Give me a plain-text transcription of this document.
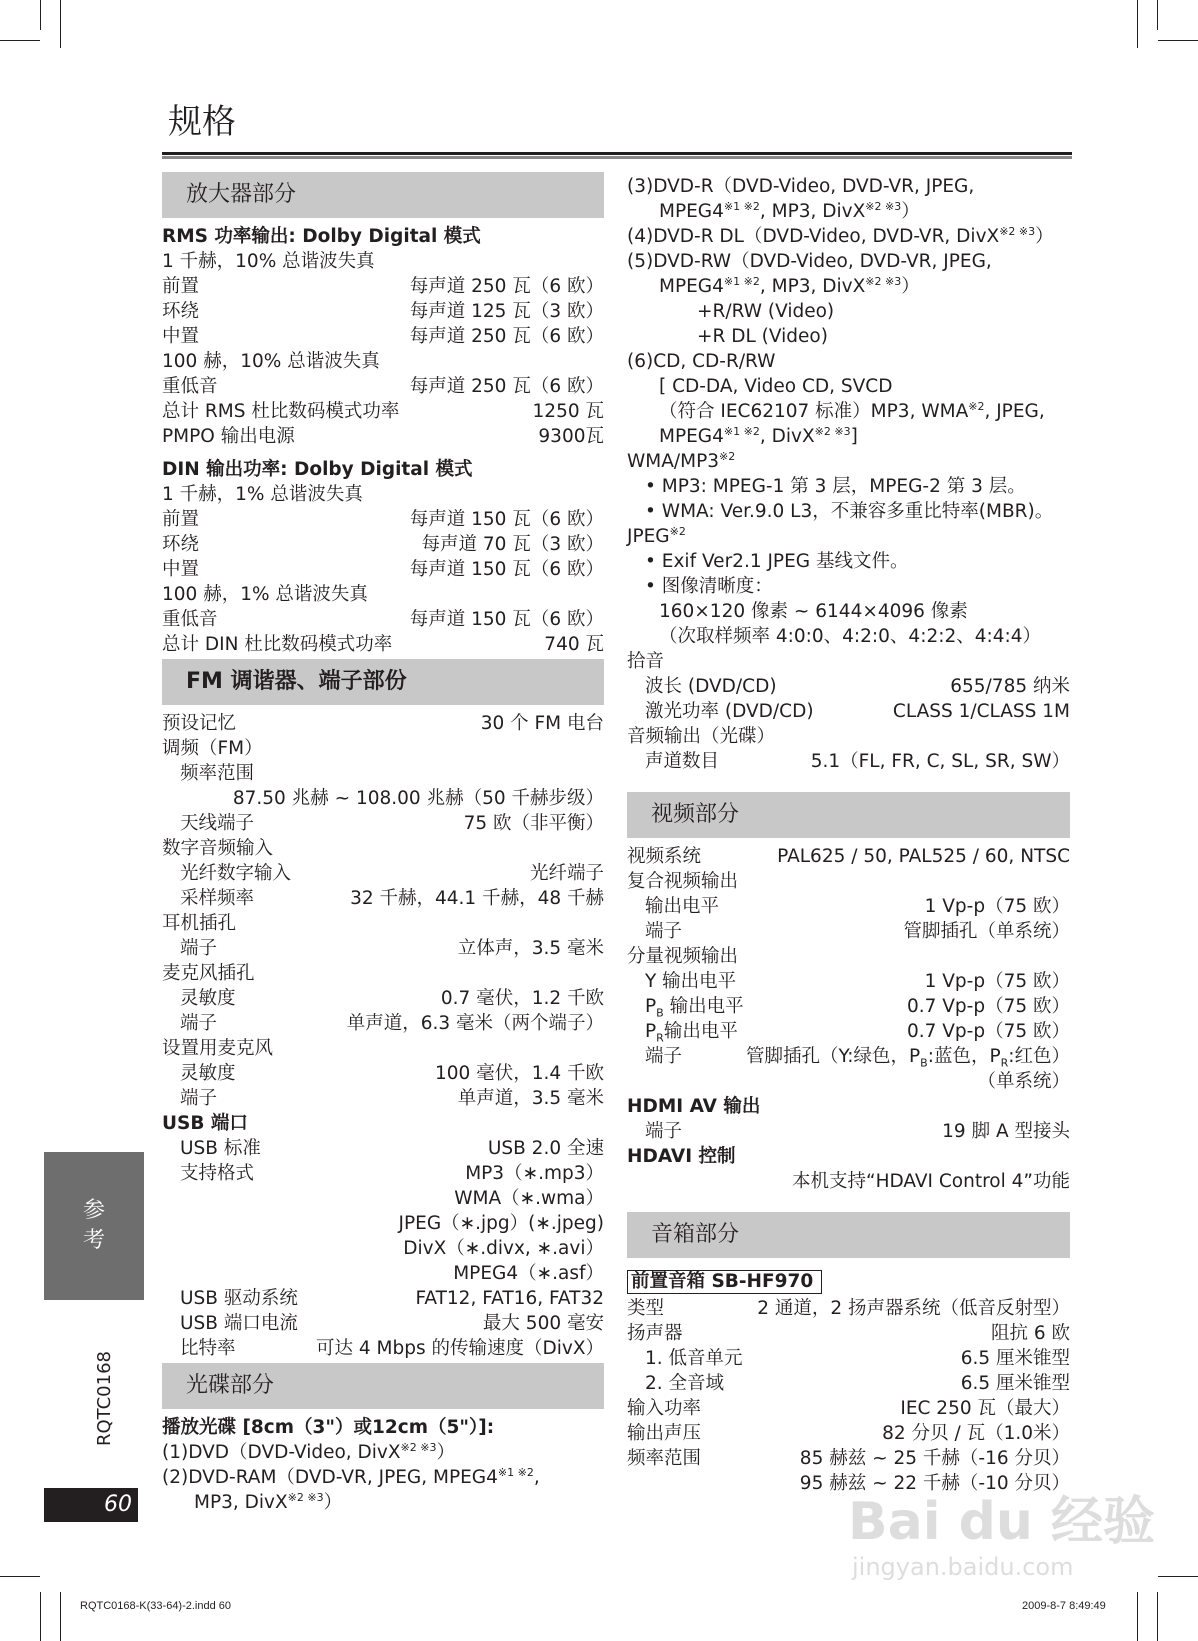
规格
放大器部分
RMS 功率输出: Dolby Digital 模式
1 千赫，10% 总谐波失真
前置	每声道 250 瓦（6 欧）
环绕	每声道 125 瓦（3 欧）
中置	每声道 250 瓦（6 欧）
100 赫，10% 总谐波失真
重低音	每声道 250 瓦（6 欧）
总计 RMS 杜比数码模式功率	1250 瓦
PMPO 输出电源	9300瓦
DIN 输出功率: Dolby Digital 模式
1 千赫，1% 总谐波失真
前置	每声道 150 瓦（6 欧）
环绕	每声道 70 瓦（3 欧）
中置	每声道 150 瓦（6 欧）
100 赫，1% 总谐波失真
重低音	每声道 150 瓦（6 欧）
总计 DIN 杜比数码模式功率	740 瓦
FM 调谐器、端子部份
预设记忆	30 个 FM 电台
调频（FM）
频率范围
87.50 兆赫 ~ 108.00 兆赫（50 千赫步级）
天线端子	75 欧（非平衡）
数字音频输入
光纤数字输入	光纤端子
采样频率	32 千赫，44.1 千赫，48 千赫
耳机插孔
端子	立体声，3.5 毫米
麦克风插孔
灵敏度	0.7 毫伏，1.2 千欧
端子	单声道，6.3 毫米（两个端子）
设置用麦克风
灵敏度	100 毫伏，1.4 千欧
端子	单声道，3.5 毫米
USB 端口
USB 标准	USB 2.0 全速
支持格式	MP3（∗.mp3）
WMA（∗.wma）
JPEG（∗.jpg）(∗.jpeg)
DivX（∗.divx, ∗.avi）
MPEG4（∗.asf）
USB 驱动系统	FAT12, FAT16, FAT32
USB 端口电流	最大 500 毫安
比特率	可达 4 Mbps 的传输速度（DivX）
光碟部分
播放光碟 [8cm（3"）或12cm（5"）]:
(1)DVD（DVD-Video, DivX$^{※2 ※3}$）
(2)DVD-RAM（DVD-VR, JPEG, $MPEG4^{※1 ※2}$,
MP3, DivX$^{※2 ※3}$）
(3)DVD-R（DVD-Video, DVD-VR, JPEG,
$MPEG4^{※1 ※2}$, MP3, DivX$^{※2 ※3}$）
(4)DVD-R DL（DVD-Video, DVD-VR, DivX$^{※2 ※3}$）
(5)DVD-RW（DVD-Video, DVD-VR, JPEG,
$MPEG4^{※1 ※2}$, MP3, DivX$^{※2 ※3}$）
+R/RW (Video)
+R DL (Video)
(6)CD, CD-R/RW
[ CD-DA, Video CD, SVCD
（符合 IEC62107 标准）MP3, WMA$^{※2}$, JPEG,
$MPEG4^{※1 ※2}$, DivX$^{※2 ※3}$]
WMA/MP3$^{※2}$
• MP3: MPEG-1 第 3 层，MPEG-2 第 3 层。
• WMA: Ver.9.0 L3，不兼容多重比特率(MBR)。
JPEG$^{※2}$
• Exif Ver2.1 JPEG 基线文件。
• 图像清晰度：
160×120 像素 ~ 6144×4096 像素
（次取样频率 4:0:0、4:2:0、4:2:2、4:4:4）
拾音
波长 (DVD/CD)	655/785 纳米
激光功率 (DVD/CD)	CLASS 1/CLASS 1M
音频输出（光碟）
声道数目	5.1（FL, FR, C, SL, SR, SW）
视频部分
视频系统	PAL625 / 50, PAL525 / 60, NTSC
复合视频输出
输出电平	1 Vp-p（75 欧）
端子	管脚插孔（单系统）
分量视频输出
Y 输出电平	1 Vp-p（75 欧）
$P_B$ 输出电平	0.7 Vp-p（75 欧）
$P_R$输出电平	0.7 Vp-p（75 欧）
端子	管脚插孔（Y:绿色，$P_B$:蓝色，$P_R$:红色）
（单系统）
HDMI AV 输出
端子	19 脚 A 型接头
HDAVI 控制
本机支持“HDAVI Control 4”功能
音箱部分
前置音箱 SB-HF970
类型	2 通道，2 扬声器系统（低音反射型）
扬声器	阻抗 6 欧
1. 低音单元	6.5 厘米锥型
2. 全音域	6.5 厘米锥型
输入功率	IEC 250 瓦（最大）
输出声压	82 分贝 / 瓦（1.0米）
频率范围	85 赫兹 ~ 25 千赫（-16 分贝）
95 赫兹 ~ 22 千赫（-10 分贝）
参
考
RQTC0168
60
RQTC0168-K(33-64)-2.indd 60	2009-8-7 8:49:49
Bai du 经验
jingyan.baidu.com
